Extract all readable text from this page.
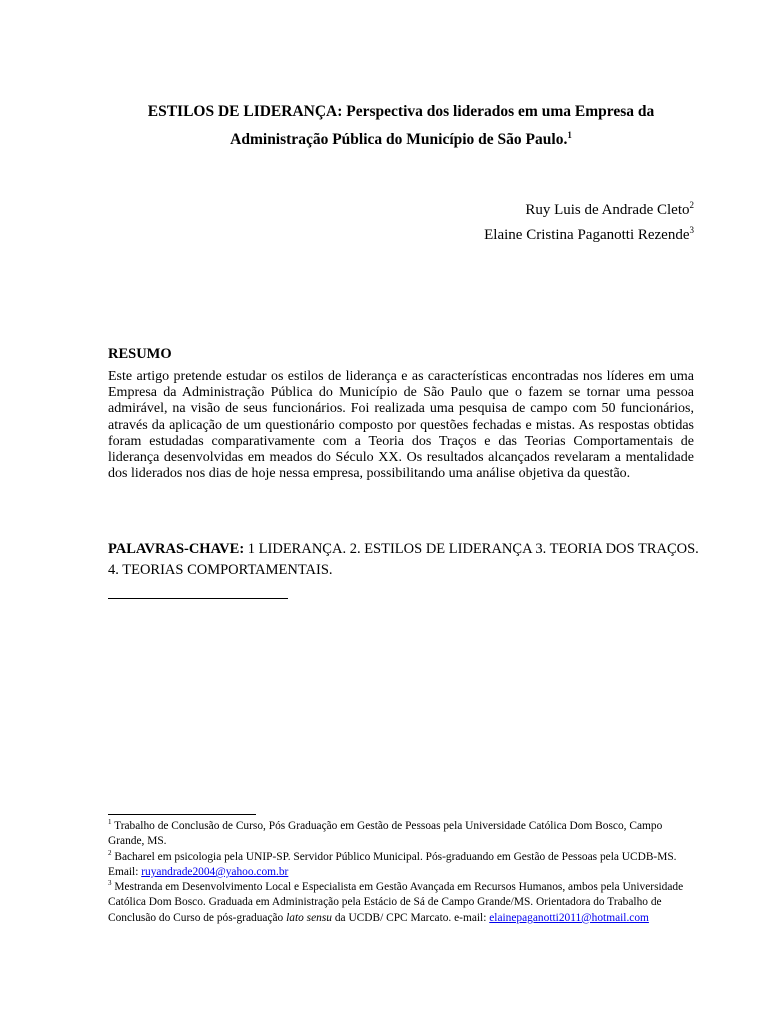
ESTILOS DE LIDERANÇA: Perspectiva dos liderados em uma Empresa da
Administração Pública do Município de São Paulo.$^1$
Ruy Luis de Andrade Cleto$^2$
Elaine Cristina Paganotti Rezende$^3$
RESUMO
Este artigo pretende estudar os estilos de liderança e as características encontradas nos líderes em uma Empresa da Administração Pública do Município de São Paulo que o fazem se tornar uma pessoa admirável, na visão de seus funcionários. Foi realizada uma pesquisa de campo com 50 funcionários, através da aplicação de um questionário composto por questões fechadas e mistas. As respostas obtidas foram estudadas comparativamente com a Teoria dos Traços e das Teorias Comportamentais de liderança desenvolvidas em meados do Século XX. Os resultados alcançados revelaram a mentalidade dos liderados nos dias de hoje nessa empresa, possibilitando uma análise objetiva da questão.
PALAVRAS-CHAVE: 1 LIDERANÇA. 2. ESTILOS DE LIDERANÇA 3. TEORIA DOS TRAÇOS.
4. TEORIAS COMPORTAMENTAIS.

$^1$ Trabalho de Conclusão de Curso, Pós Graduação em Gestão de Pessoas pela Universidade Católica Dom Bosco, Campo Grande, MS.

$^2$ Bacharel em psicologia pela UNIP-SP. Servidor Público Municipal. Pós-graduando em Gestão de Pessoas pela UCDB-MS. Email: ruyandrade2004@yahoo.com.br

$^3$ Mestranda em Desenvolvimento Local e Especialista em Gestão Avançada em Recursos Humanos, ambos pela Universidade Católica Dom Bosco. Graduada em Administração pela Estácio de Sá de Campo Grande/MS. Orientadora do Trabalho de Conclusão do Curso de pós-graduação lato sensu da UCDB/ CPC Marcato. e-mail: elainepaganotti2011@hotmail.com
